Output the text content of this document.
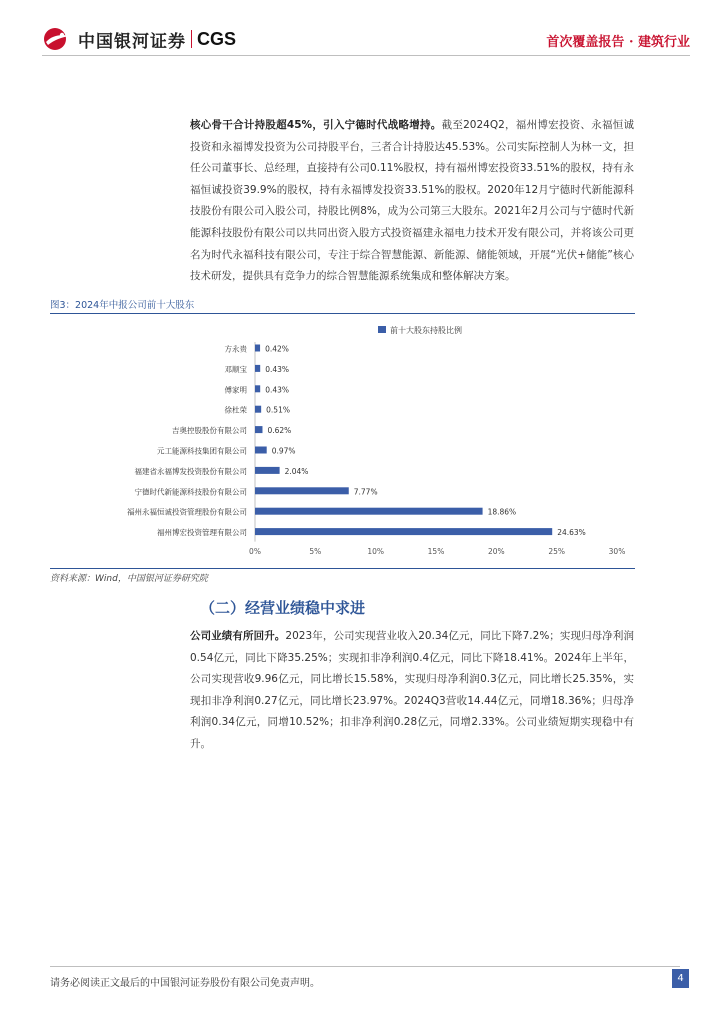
中国银河证券 CGS	首次覆盖报告 · 建筑行业
核心骨干合计持股超45%，引入宁德时代战略增持。截至2024Q2，福州博宏投资、永福恒诚投资和永福博发投资为公司持股平台，三者合计持股达45.53%。公司实际控制人为林一文，担任公司董事长、总经理，直接持有公司0.11%股权，持有福州博宏投资33.51%的股权，持有永福恒诚投资39.9%的股权，持有永福博发投资33.51%的股权。2020年12月宁德时代新能源科技股份有限公司入股公司，持股比例8%，成为公司第三大股东。2021年2月公司与宁德时代新能源科技股份有限公司以共同出资入股方式投资福建永福电力技术开发有限公司，并将该公司更名为时代永福科技有限公司，专注于综合智慧能源、新能源、储能领域，开展“光伏+储能”核心技术研发，提供具有竞争力的综合智慧能源系统集成和整体解决方案。
图3：2024年中报公司前十大股东
前十大股东持股比例
方永贵 0.42%
邓顺宝 0.43%
傅家明 0.43%
徐杜荣	0.51%
吉奥控股股份有限公司	0.62%
元工能源科技集团有限公司	0.97%
福建省永福博发投资股份有限公司	2.04%
宁德时代新能源科技股份有限公司	7.77%
福州永福恒诚投资管理股份有限公司	18.86%
福州博宏投资管理有限公司	24.63%
0%	5%	10%	15%	20%	25%	30%
资料来源：Wind，中国银河证券研究院
（二）经营业绩稳中求进
公司业绩有所回升。2023年，公司实现营业收入20.34亿元，同比下降7.2%；实现归母净利润0.54亿元，同比下降35.25%；实现扣非净利润0.4亿元，同比下降18.41%。2024年上半年，公司实现营收9.96亿元，同比增长15.58%，实现归母净利润0.3亿元，同比增长25.35%，实现扣非净利润0.27亿元，同比增长23.97%。2024Q3营收14.44亿元，同增18.36%；归母净利润0.34亿元，同增10.52%；扣非净利润0.28亿元，同增2.33%。公司业绩短期实现稳中有升。
请务必阅读正文最后的中国银河证券股份有限公司免责声明。	4
